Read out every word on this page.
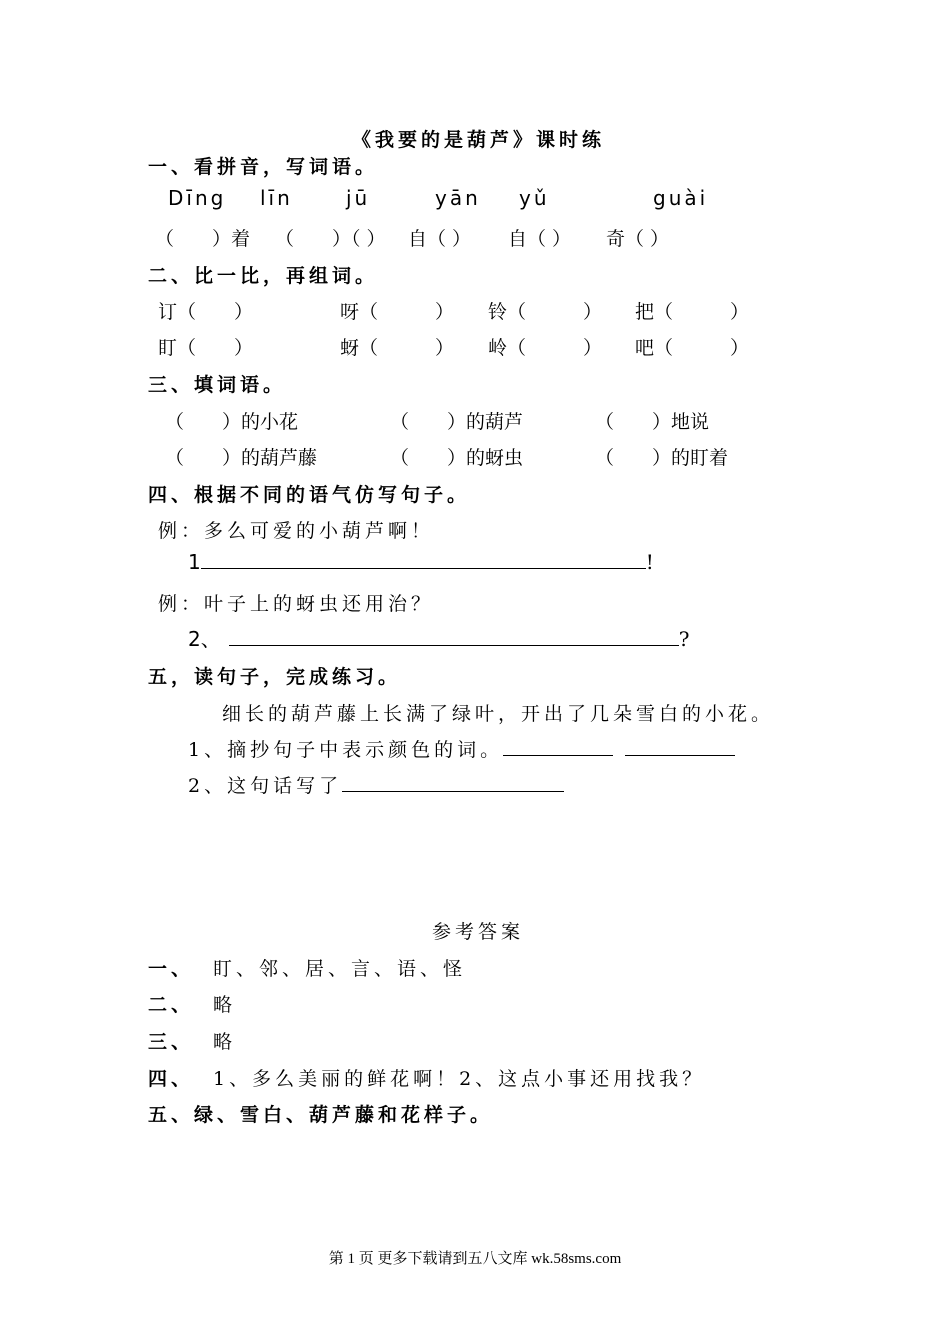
《我要的是葫芦》课时练
一、看拼音，写词语。
Dīng līn	jū	yān yǔ	guài
（　　）着 （　　）（ ） 自（ ） 自（ ） 奇（ ）
二、比一比，再组词。
订（　　）	呀（　　　） 铃（　　　） 把（　　　）
盯（　　）	蚜（　　　） 岭（　　　） 吧（　　　）
三、填词语。
（　　）的小花	（　　）的葫芦	（　　）地说
（　　）的葫芦藤	（　　）的蚜虫	（　　）的盯着
四、根据不同的语气仿写句子。
例：多么可爱的小葫芦啊！
1	!
例：叶子上的蚜虫还用治？
2、	?
五，读句子，完成练习。
细长的葫芦藤上长满了绿叶，开出了几朵雪白的小花。
1、摘抄句子中表示颜色的词。
2、这句话写了
参考答案
一、 盯、邻、居、言、语、怪
二、 略
三、 略
四、 1、多么美丽的鲜花啊！2、这点小事还用找我？
五、绿、雪白、葫芦藤和花样子。
第 1 页 更多下载请到五八文库 wk.58sms.com
